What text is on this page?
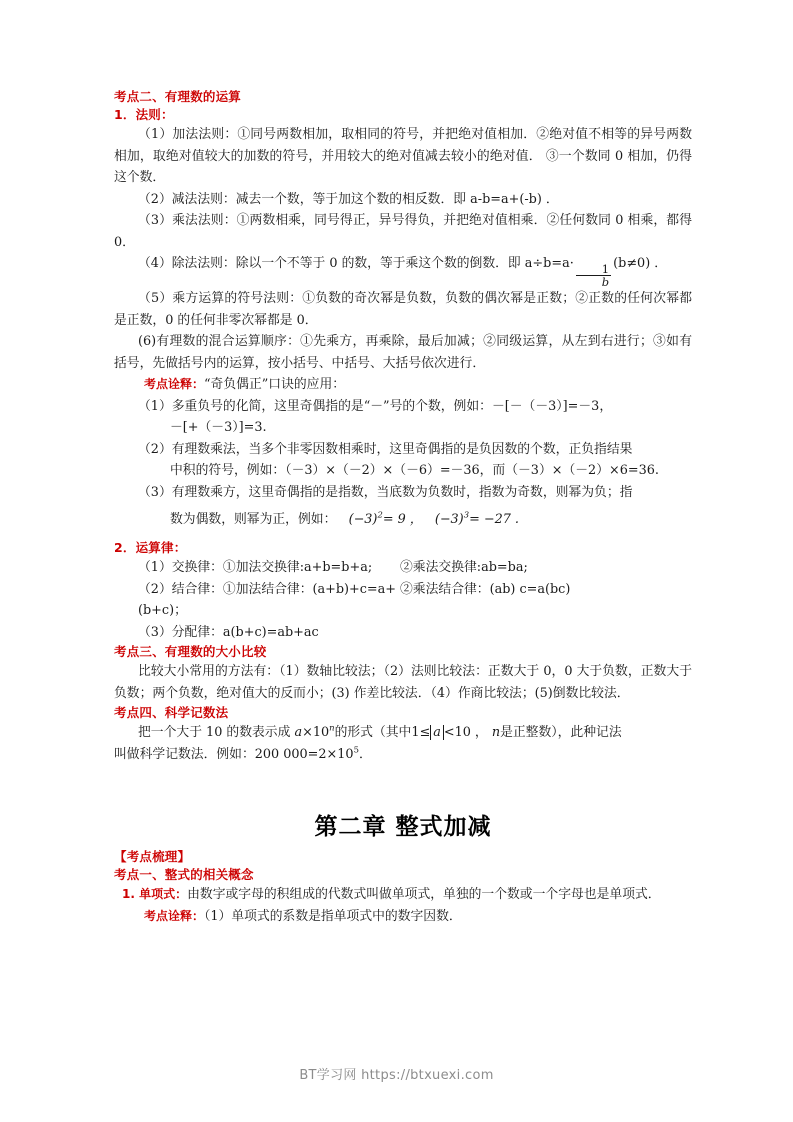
考点二、有理数的运算
1．法则：

（1）加法法则：①同号两数相加，取相同的符号，并把绝对值相加．②绝对值不相等的异号两数相加，取绝对值较大的加数的符号，并用较大的绝对值减去较小的绝对值． ③一个数同 0 相加，仍得这个数．

（2）减法法则：减去一个数，等于加这个数的相反数．即 a-b=a+(-b) ．

（3）乘法法则：①两数相乘，同号得正，异号得负，并把绝对值相乘．②任何数同 0 相乘，都得 0．

（4）除法法则：除以一个不等于 0 的数，等于乘这个数的倒数．即 $a\div b=a\cdot \frac{1}{b} (b\ne 0)$ ．

（5）乘方运算的符号法则：①负数的奇次幂是负数，负数的偶次幂是正数；②正数的任何次幂都是正数，0 的任何非零次幂都是 0．

(6)有理数的混合运算顺序：①先乘方，再乘除，最后加减；②同级运算，从左到右进行；③如有括号，先做括号内的运算，按小括号、中括号、大括号依次进行．

考点诠释：“奇负偶正”口诀的应用：

（1）多重负号的化简，这里奇偶指的是“－”号的个数，例如：－[－（－3）]=－3，

－[+（－3）]=3.

（2）有理数乘法，当多个非零因数相乘时，这里奇偶指的是负因数的个数，正负指结果

中积的符号，例如：（－3）×（－2）×（－6）=－36，而（－3）×（－2）×6=36.

（3）有理数乘方，这里奇偶指的是指数，当底数为负数时，指数为奇数，则幂为负；指

数为偶数，则幂为正，例如： $(-3)^2= 9$ ， $(-3)^3= -27$ .

2．运算律：
（1）交换律：①加法交换律:a+b=b+a;	②乘法交换律:ab=ba;
（2）结合律：①加法结合律：(a+b)+c=a+(b+c)；
②乘法结合律：(ab) c=a(bc)
（3）分配律：a(b+c)=ab+ac
考点三、有理数的大小比较

比较大小常用的方法有：（1）数轴比较法；（2）法则比较法：正数大于 0，0 大于负数，正数大于负数；两个负数，绝对值大的反而小；(3) 作差比较法．（4）作商比较法；(5)倒数比较法．

考点四、科学记数法

把一个大于 10 的数表示成 $a\times 10^n$的形式（其中1≤ a <10 ， n是正整数），此种记法

叫做科学记数法．例如：200 $000=2\times 10^5$．

第二章 整式加减
【考点梳理】
考点一、整式的相关概念

1. 单项式：由数字或字母的积组成的代数式叫做单项式，单独的一个数或一个字母也是单项式．

考点诠释：（1）单项式的系数是指单项式中的数字因数．

BT学习网 https://btxuexi.com
